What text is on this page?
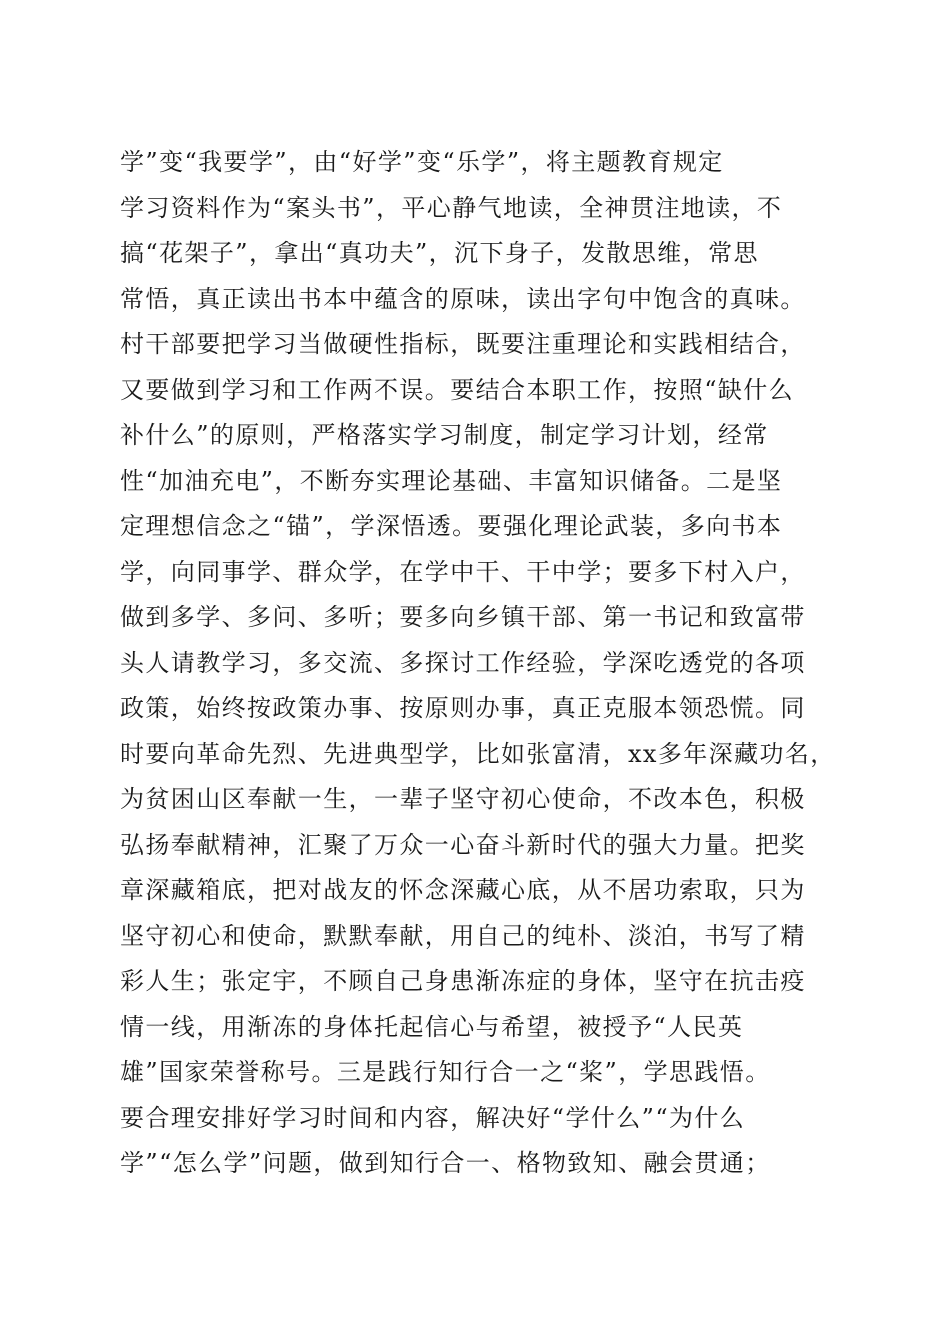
学”变“我要学”，由“好学”变“乐学”，将主题教育规定
学习资料作为“案头书”，平心静气地读，全神贯注地读，不
搞“花架子”，拿出“真功夫”，沉下身子，发散思维，常思
常悟，真正读出书本中蕴含的原味，读出字句中饱含的真味。
村干部要把学习当做硬性指标，既要注重理论和实践相结合，
又要做到学习和工作两不误。要结合本职工作，按照“缺什么
补什么”的原则，严格落实学习制度，制定学习计划，经常
性“加油充电”，不断夯实理论基础、丰富知识储备。二是坚
定理想信念之“锚”，学深悟透。要强化理论武装，多向书本
学，向同事学、群众学，在学中干、干中学；要多下村入户，
做到多学、多问、多听；要多向乡镇干部、第一书记和致富带
头人请教学习，多交流、多探讨工作经验，学深吃透党的各项
政策，始终按政策办事、按原则办事，真正克服本领恐慌。同
时要向革命先烈、先进典型学，比如张富清，xx多年深藏功名，
为贫困山区奉献一生，一辈子坚守初心使命，不改本色，积极
弘扬奉献精神，汇聚了万众一心奋斗新时代的强大力量。把奖
章深藏箱底，把对战友的怀念深藏心底，从不居功索取，只为
坚守初心和使命，默默奉献，用自己的纯朴、淡泊，书写了精
彩人生；张定宇，不顾自己身患渐冻症的身体，坚守在抗击疫
情一线，用渐冻的身体托起信心与希望，被授予“人民英
雄”国家荣誉称号。三是践行知行合一之“桨”，学思践悟。
要合理安排好学习时间和内容，解决好“学什么”“为什么
学”“怎么学”问题，做到知行合一、格物致知、融会贯通；
